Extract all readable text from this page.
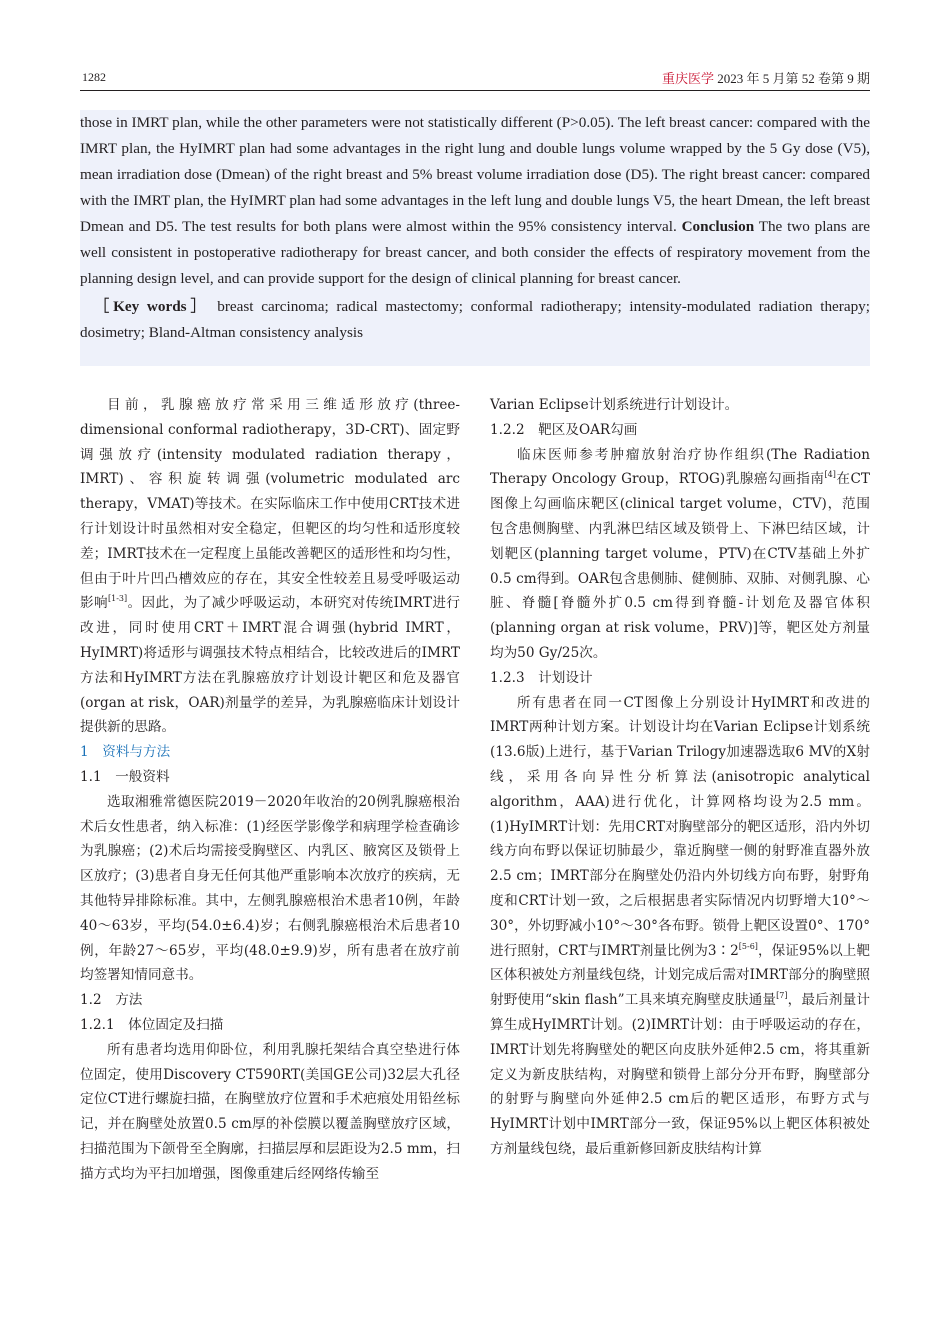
1282	重庆医学 2023 年 5 月第 52 卷第 9 期

those in IMRT plan, while the other parameters were not statistically different (P>0.05). The left breast cancer: compared with the IMRT plan, the HyIMRT plan had some advantages in the right lung and double lungs volume wrapped by the 5 Gy dose (V5), mean irradiation dose (Dmean) of the right breast and 5% breast volume irradiation dose (D5). The right breast cancer: compared with the IMRT plan, the HyIMRT plan had some advantages in the left lung and double lungs V5, the heart Dmean, the left breast Dmean and D5. The test results for both plans were almost within the 95% consistency interval. Conclusion The two plans are well consistent in postoperative radiotherapy for breast cancer, and both consider the effects of respiratory movement from the planning design level, and can provide support for the design of clinical planning for breast cancer.

［Key words］ breast carcinoma; radical mastectomy; conformal radiotherapy; intensity-modulated radiation therapy; dosimetry; Bland-Altman consistency analysis

目前，乳腺癌放疗常采用三维适形放疗(three-dimensional conformal radiotherapy，3D-CRT)、固定野调强放疗(intensity modulated radiation therapy，IMRT)、容积旋转调强(volumetric modulated arc therapy，VMAT)等技术。在实际临床工作中使用CRT技术进行计划设计时虽然相对安全稳定，但靶区的均匀性和适形度较差；IMRT技术在一定程度上虽能改善靶区的适形性和均匀性，但由于叶片凹凸槽效应的存在，其安全性较差且易受呼吸运动影响[1-3]。因此，为了减少呼吸运动，本研究对传统IMRT进行改进，同时使用CRT＋IMRT混合调强(hybrid IMRT，HyIMRT)将适形与调强技术特点相结合，比较改进后的IMRT方法和HyIMRT方法在乳腺癌放疗计划设计靶区和危及器官(organ at risk，OAR)剂量学的差异，为乳腺癌临床计划设计提供新的思路。

1　资料与方法

1.1　一般资料

选取湘雅常德医院2019－2020年收治的20例乳腺癌根治术后女性患者，纳入标准：(1)经医学影像学和病理学检查确诊为乳腺癌；(2)术后均需接受胸壁区、内乳区、腋窝区及锁骨上区放疗；(3)患者自身无任何其他严重影响本次放疗的疾病，无其他特异排除标准。其中，左侧乳腺癌根治术患者10例，年龄40～63岁，平均(54.0±6.4)岁；右侧乳腺癌根治术后患者10例，年龄27～65岁，平均(48.0±9.9)岁，所有患者在放疗前均签署知情同意书。

1.2　方法

1.2.1　体位固定及扫描

所有患者均选用仰卧位，利用乳腺托架结合真空垫进行体位固定，使用Discovery CT590RT(美国GE公司)32层大孔径定位CT进行螺旋扫描，在胸壁放疗位置和手术疤痕处用铅丝标记，并在胸壁处放置0.5 cm厚的补偿膜以覆盖胸壁放疗区域，扫描范围为下颌骨至全胸廓，扫描层厚和层距设为2.5 mm，扫描方式均为平扫加增强，图像重建后经网络传输至

Varian Eclipse计划系统进行计划设计。

1.2.2　靶区及OAR勾画

临床医师参考肿瘤放射治疗协作组织(The Radiation Therapy Oncology Group，RTOG)乳腺癌勾画指南[4]在CT图像上勾画临床靶区(clinical target volume，CTV)，范围包含患侧胸壁、内乳淋巴结区域及锁骨上、下淋巴结区域，计划靶区(planning target volume，PTV)在CTV基础上外扩0.5 cm得到。OAR包含患侧肺、健侧肺、双肺、对侧乳腺、心脏、脊髓[脊髓外扩0.5 cm得到脊髓-计划危及器官体积(planning organ at risk volume，PRV)]等，靶区处方剂量均为50 Gy/25次。

1.2.3　计划设计

所有患者在同一CT图像上分别设计HyIMRT和改进的IMRT两种计划方案。计划设计均在Varian Eclipse计划系统(13.6版)上进行，基于Varian Trilogy加速器选取6 MV的X射线，采用各向异性分析算法(anisotropic analytical algorithm，AAA)进行优化，计算网格均设为2.5 mm。(1)HyIMRT计划：先用CRT对胸壁部分的靶区适形，沿内外切线方向布野以保证切肺最少，靠近胸壁一侧的射野准直器外放2.5 cm；IMRT部分在胸壁处仍沿内外切线方向布野，射野角度和CRT计划一致，之后根据患者实际情况内切野增大10°～30°，外切野减小10°～30°各布野。锁骨上靶区设置0°、170°进行照射，CRT与IMRT剂量比例为3∶2[5-6]，保证95%以上靶区体积被处方剂量线包绕，计划完成后需对IMRT部分的胸壁照射野使用“skin flash”工具来填充胸壁皮肤通量[7]，最后剂量计算生成HyIMRT计划。(2)IMRT计划：由于呼吸运动的存在，IMRT计划先将胸壁处的靶区向皮肤外延伸2.5 cm，将其重新定义为新皮肤结构，对胸壁和锁骨上部分分开布野，胸壁部分的射野与胸壁向外延伸2.5 cm后的靶区适形，布野方式与HyIMRT计划中IMRT部分一致，保证95%以上靶区体积被处方剂量线包绕，最后重新修回新皮肤结构计算
